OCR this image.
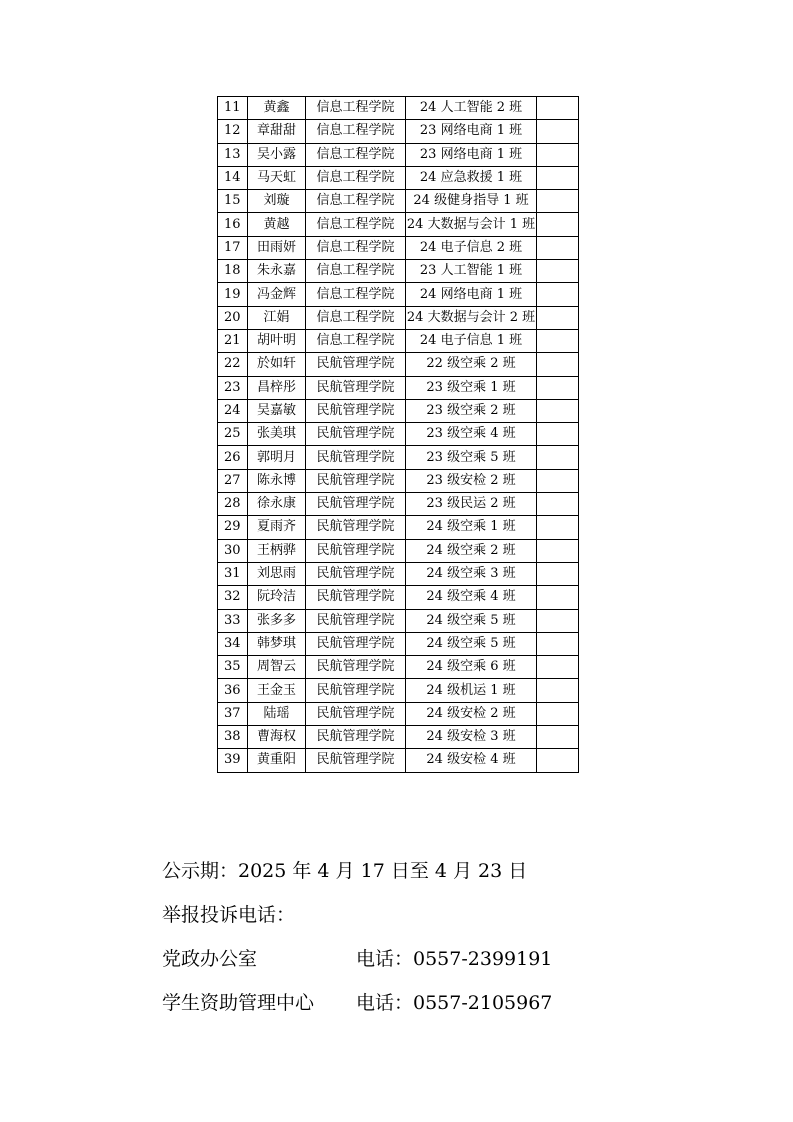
11	黄鑫	信息工程学院	24 人工智能 2 班	
12	章甜甜	信息工程学院	23 网络电商 1 班	
13	吴小露	信息工程学院	23 网络电商 1 班	
14	马天虹	信息工程学院	24 应急救援 1 班	
15	刘璇	信息工程学院	24 级健身指导 1 班	
16	黄越	信息工程学院	24 大数据与会计 1 班	
17	田雨妍	信息工程学院	24 电子信息 2 班	
18	朱永嘉	信息工程学院	23 人工智能 1 班	
19	冯金辉	信息工程学院	24 网络电商 1 班	
20	江娟	信息工程学院	24 大数据与会计 2 班	
21	胡叶明	信息工程学院	24 电子信息 1 班	
22	於如轩	民航管理学院	22 级空乘 2 班	
23	昌梓彤	民航管理学院	23 级空乘 1 班	
24	吴嘉敏	民航管理学院	23 级空乘 2 班	
25	张美琪	民航管理学院	23 级空乘 4 班	
26	郭明月	民航管理学院	23 级空乘 5 班	
27	陈永博	民航管理学院	23 级安检 2 班	
28	徐永康	民航管理学院	23 级民运 2 班	
29	夏雨齐	民航管理学院	24 级空乘 1 班	
30	王柄骅	民航管理学院	24 级空乘 2 班	
31	刘思雨	民航管理学院	24 级空乘 3 班	
32	阮玲洁	民航管理学院	24 级空乘 4 班	
33	张多多	民航管理学院	24 级空乘 5 班	
34	韩梦琪	民航管理学院	24 级空乘 5 班	
35	周智云	民航管理学院	24 级空乘 6 班	
36	王金玉	民航管理学院	24 级机运 1 班	
37	陆瑶	民航管理学院	24 级安检 2 班	
38	曹海权	民航管理学院	24 级安检 3 班	
39	黄重阳	民航管理学院	24 级安检 4 班	
公示期：2025 年 4 月 17 日至 4 月 23 日
举报投诉电话：
党政办公室	电话：0557-2399191
学生资助管理中心 电话：0557-2105967
